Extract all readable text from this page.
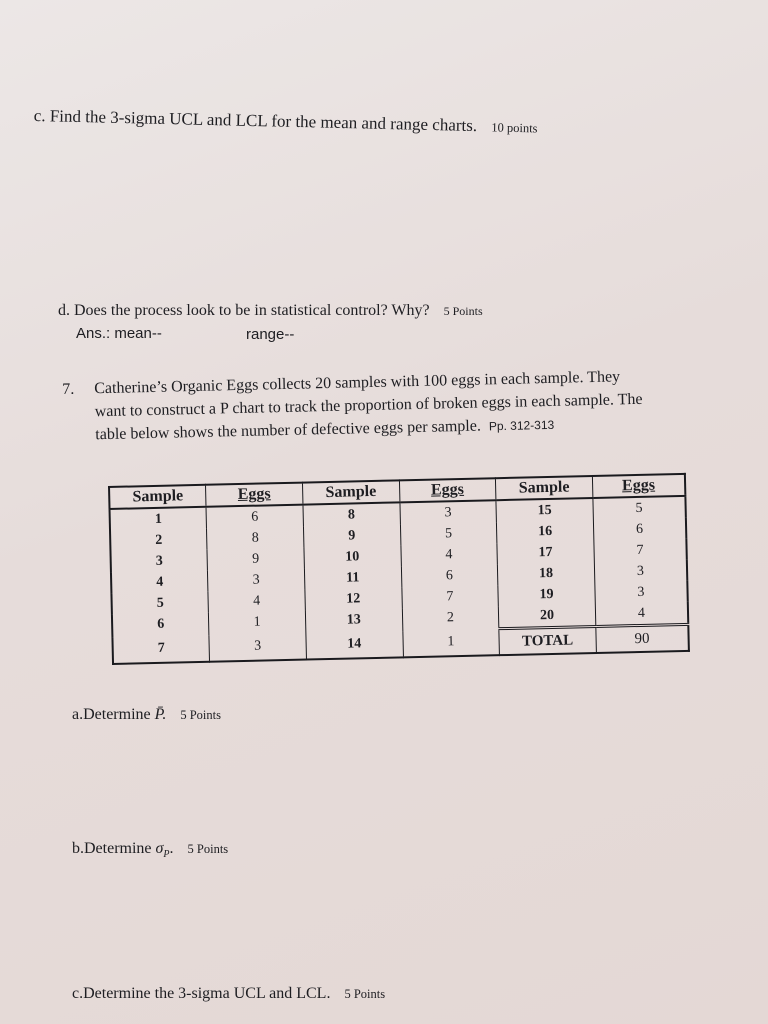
c. Find the 3-sigma UCL and LCL for the mean and range charts. 10 points
d. Does the process look to be in statistical control? Why? 5 Points
Ans.: mean--	range--
7. Catherine’s Organic Eggs collects 20 samples with 100 eggs in each sample. They
want to construct a P chart to track the proportion of broken eggs in each sample. The
table below shows the number of defective eggs per sample. Pp. 312-313
Sample	Eggs	Sample	Eggs	Sample	Eggs
1	6	8	3	15	5
2	8	9	5	16	6
3	9	10	4	17	7
4	3	11	6	18	3
5	4	12	7	19	3
6	1	13	2	20	4
7	3	14	1	TOTAL	90
a.Determine P̄. 5 Points
b.Determine $\sigma_P$. 5 Points
c.Determine the 3-sigma UCL and LCL. 5 Points
